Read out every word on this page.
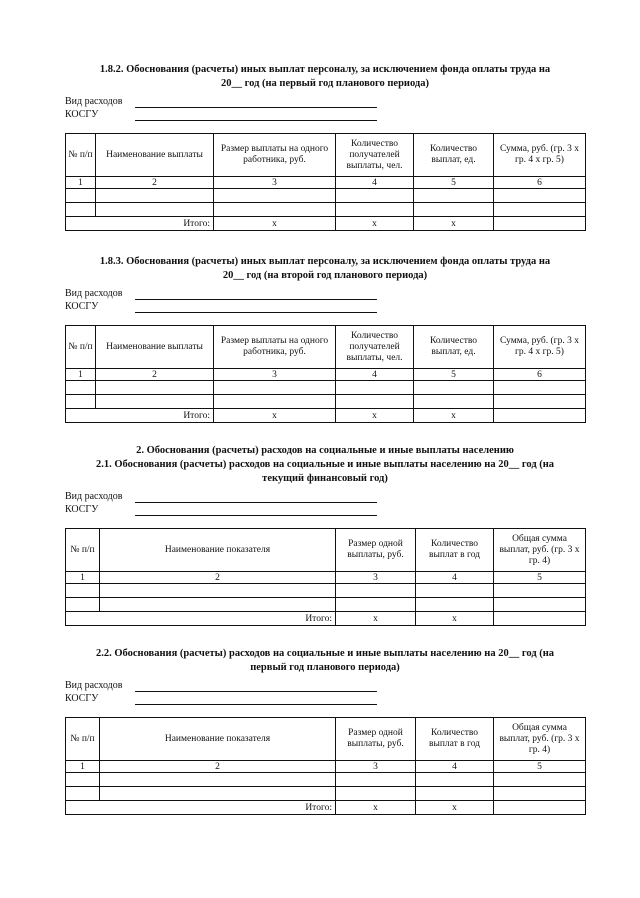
1.8.2. Обоснования (расчеты) иных выплат персоналу, за исключением фонда оплаты труда на
20__ год (на первый год планового периода)

Вид расходов
КОСГУ
№ п/п	Наименование выплаты	Размер выплаты на одного работника, руб.	Количество получателей выплаты, чел.	Количество выплат, ед.	Сумма, руб. (гр. 3 х гр. 4 х гр. 5)
1	2	3	4	5	6

Итого:		х	х	х	

1.8.3. Обоснования (расчеты) иных выплат персоналу, за исключением фонда оплаты труда на
20__ год (на второй год планового периода)

Вид расходов
КОСГУ
№ п/п	Наименование выплаты	Размер выплаты на одного работника, руб.	Количество получателей выплаты, чел.	Количество выплат, ед.	Сумма, руб. (гр. 3 х гр. 4 х гр. 5)
1	2	3	4	5	6

Итого:		х	х	х	

2. Обоснования (расчеты) расходов на социальные и иные выплаты населению

2.1. Обоснования (расчеты) расходов на социальные и иные выплаты населению на 20__ год (на
текущий финансовый год)

Вид расходов
КОСГУ
№ п/п	Наименование показателя	Размер одной выплаты, руб.	Количество выплат в год	Общая сумма выплат, руб. (гр. 3 х гр. 4)
1	2	3	4	5

Итого:		х	х	

2.2. Обоснования (расчеты) расходов на социальные и иные выплаты населению на 20__ год (на
первый год планового периода)

Вид расходов
КОСГУ
№ п/п	Наименование показателя	Размер одной выплаты, руб.	Количество выплат в год	Общая сумма выплат, руб. (гр. 3 х гр. 4)
1	2	3	4	5

Итого:		х	х	
